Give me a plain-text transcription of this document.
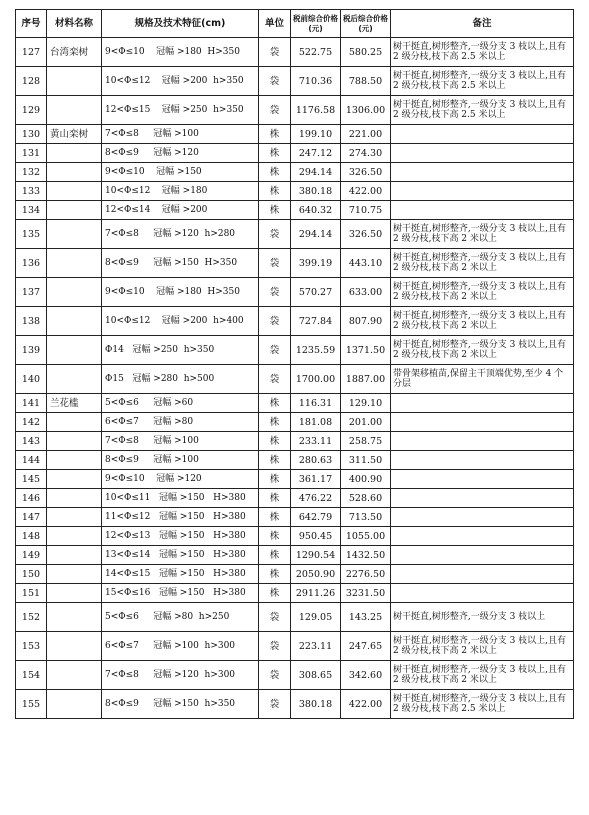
序号	材料名称	规格及技术特征(cm)	单位	税前综合价格(元)	税后综合价格(元)	备注
127	台湾栾树	9<Φ≤10    冠幅 >180  H>350	袋	522.75	580.25	树干挺直,树形整齐,一级分支 3 枝以上,且有 2 级分枝,枝下高 2.5 米以上
128		10<Φ≤12    冠幅 >200  h>350	袋	710.36	788.50	树干挺直,树形整齐,一级分支 3 枝以上,且有 2 级分枝,枝下高 2.5 米以上
129		12<Φ≤15    冠幅 >250  h>350	袋	1176.58	1306.00	树干挺直,树形整齐,一级分支 3 枝以上,且有 2 级分枝,枝下高 2.5 米以上
130	黄山栾树	7<Φ≤8     冠幅 >100	株	199.10	221.00	
131		8<Φ≤9     冠幅 >120	株	247.12	274.30	
132		9<Φ≤10    冠幅 >150	株	294.14	326.50	
133		10<Φ≤12    冠幅 >180	株	380.18	422.00	
134		12<Φ≤14    冠幅 >200	株	640.32	710.75	
135		7<Φ≤8     冠幅 >120  h>280	袋	294.14	326.50	树干挺直,树形整齐,一级分支 3 枝以上,且有 2 级分枝,枝下高 2 米以上
136		8<Φ≤9     冠幅 >150  H>350	袋	399.19	443.10	树干挺直,树形整齐,一级分支 3 枝以上,且有 2 级分枝,枝下高 2 米以上
137		9<Φ≤10    冠幅 >180  H>350	袋	570.27	633.00	树干挺直,树形整齐,一级分支 3 枝以上,且有 2 级分枝,枝下高 2 米以上
138		10<Φ≤12    冠幅 >200  h>400	袋	727.84	807.90	树干挺直,树形整齐,一级分支 3 枝以上,且有 2 级分枝,枝下高 2 米以上
139		Φ14   冠幅 >250  h>350	袋	1235.59	1371.50	树干挺直,树形整齐,一级分支 3 枝以上,且有 2 级分枝,枝下高 2 米以上
140		Φ15   冠幅 >280  h>500	袋	1700.00	1887.00	带骨架移植苗,保留主干顶端优势,至少 4 个分层
141	兰花槛	5<Φ≤6     冠幅 >60	株	116.31	129.10	
142		6<Φ≤7     冠幅 >80	株	181.08	201.00	
143		7<Φ≤8     冠幅 >100	株	233.11	258.75	
144		8<Φ≤9     冠幅 >100	株	280.63	311.50	
145		9<Φ≤10    冠幅 >120	株	361.17	400.90	
146		10<Φ≤11   冠幅 >150   H>380	株	476.22	528.60	
147		11<Φ≤12   冠幅 >150   H>380	株	642.79	713.50	
148		12<Φ≤13   冠幅 >150   H>380	株	950.45	1055.00	
149		13<Φ≤14   冠幅 >150   H>380	株	1290.54	1432.50	
150		14<Φ≤15   冠幅 >150   H>380	株	2050.90	2276.50	
151		15<Φ≤16   冠幅 >150   H>380	株	2911.26	3231.50	
152		5<Φ≤6     冠幅 >80  h>250	袋	129.05	143.25	树干挺直,树形整齐,一级分支 3 枝以上
153		6<Φ≤7     冠幅 >100  h>300	袋	223.11	247.65	树干挺直,树形整齐,一级分支 3 枝以上,且有 2 级分枝,枝下高 2 米以上
154		7<Φ≤8     冠幅 >120  h>300	袋	308.65	342.60	树干挺直,树形整齐,一级分支 3 枝以上,且有 2 级分枝,枝下高 2 米以上
155		8<Φ≤9     冠幅 >150  h>350	袋	380.18	422.00	树干挺直,树形整齐,一级分支 3 枝以上,且有 2 级分枝,枝下高 2.5 米以上
